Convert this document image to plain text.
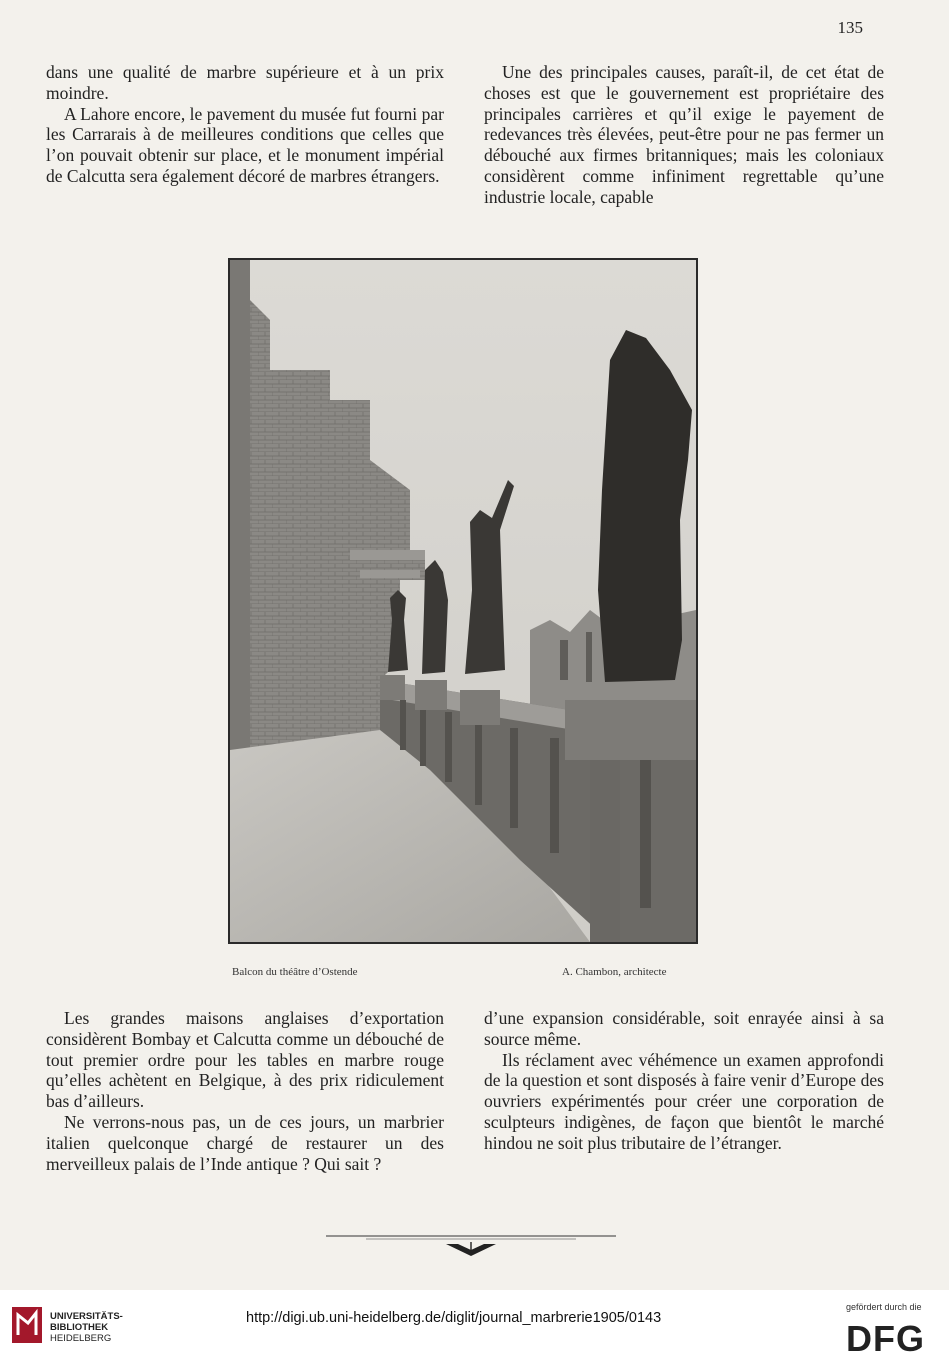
135

dans une qualité de marbre supérieure et à un prix moindre.

A Lahore encore, le pavement du musée fut fourni par les Carrarais à de meilleures conditions que celles que l’on pouvait obtenir sur place, et le monument impérial de Calcutta sera également décoré de marbres étrangers.

Une des principales causes, paraît-il, de cet état de choses est que le gouvernement est propriétaire des principales carrières et qu’il exige le payement de redevances très élevées, peut-être pour ne pas fermer un débouché aux firmes britanniques; mais les coloniaux considèrent comme infiniment regrettable qu’une industrie locale, capable

Balcon du théâtre d’Ostende	A. Chambon, architecte

Les grandes maisons anglaises d’exportation considèrent Bombay et Calcutta comme un débouché de tout premier ordre pour les tables en marbre rouge qu’elles achètent en Belgique, à des prix ridiculement bas d’ailleurs.

Ne verrons-nous pas, un de ces jours, un marbrier italien quelconque chargé de restaurer un des merveilleux palais de l’Inde antique ? Qui sait ?

d’une expansion considérable, soit enrayée ainsi à sa source même.

Ils réclament avec véhémence un examen approfondi de la question et sont disposés à faire venir d’Europe des ouvriers expérimentés pour créer une corporation de sculpteurs indigènes, de façon que bientôt le marché hindou ne soit plus tributaire de l’étranger.

UNIVERSITÄTS-
BIBLIOTHEK
HEIDELBERG
http://digi.ub.uni-heidelberg.de/diglit/journal_marbrerie1905/0143
gefördert durch die
DFG
